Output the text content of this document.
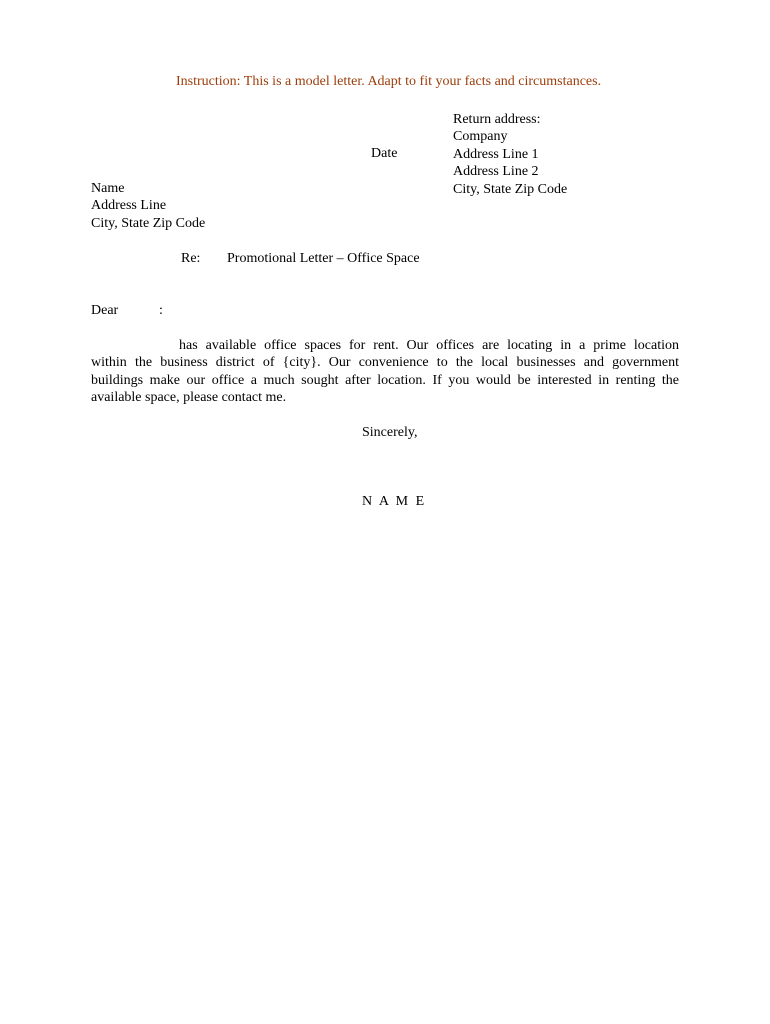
Instruction: This is a model letter. Adapt to fit your facts and circumstances.
Return address:
Company
Address Line 1
Address Line 2
City, State Zip Code
Date
Name
Address Line
City, State Zip Code
Re: Promotional Letter – Office Space
Dear	:
has available office spaces for rent. Our offices are locating in a prime location
within the business district of {city}. Our convenience to the local businesses and government
buildings make our office a much sought after location. If you would be interested in renting the
available space, please contact me.
Sincerely,
N A M E
